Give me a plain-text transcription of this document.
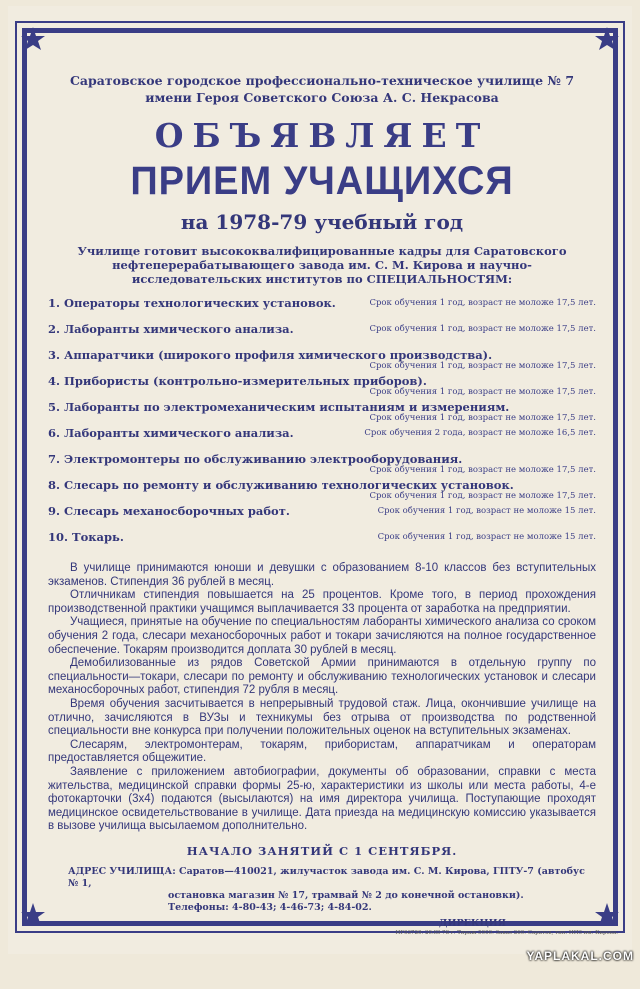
Саратовское городское профессионально-техническое училище № 7
имени Героя Советского Союза А. С. Некрасова
ОБЪЯВЛЯЕТ
ПРИЕМ УЧАЩИХСЯ
на 1978-79 учебный год
Училище готовит высококвалифицированные кадры для Саратовского нефтеперерабатывающего завода им. С. М. Кирова и научно-исследовательских институтов по СПЕЦИАЛЬНОСТЯМ:
1. Операторы технологических установок.	Срок обучения 1 год, возраст не моложе 17,5 лет.
2. Лаборанты химического анализа.	Срок обучения 1 год, возраст не моложе 17,5 лет.
3. Аппаратчики (широкого профиля химического производства).
Срок обучения 1 год, возраст не моложе 17,5 лет.
4. Прибористы (контрольно-измерительных приборов).
Срок обучения 1 год, возраст не моложе 17,5 лет.
5. Лаборанты по электромеханическим испытаниям и измерениям.
Срок обучения 1 год, возраст не моложе 17,5 лет.
6. Лаборанты химического анализа.	Срок обучения 2 года, возраст не моложе 16,5 лет.
7. Электромонтеры по обслуживанию электрооборудования.
Срок обучения 1 год, возраст не моложе 17,5 лет.
8. Слесарь по ремонту и обслуживанию технологических установок.
Срок обучения 1 год, возраст не моложе 17,5 лет.
9. Слесарь механосборочных работ.	Срок обучения 1 год, возраст не моложе 15 лет.
10. Токарь.	Срок обучения 1 год, возраст не моложе 15 лет.

В училище принимаются юноши и девушки с образованием 8-10 классов без вступительных экзаменов. Стипендия 36 рублей в месяц.

Отличникам стипендия повышается на 25 процентов. Кроме того, в период прохождения производственной практики учащимся выплачивается 33 процента от заработка на предприятии.

Учащиеся, принятые на обучение по специальностям лаборанты химического анализа со сроком обучения 2 года, слесари механосборочных работ и токари зачисляются на полное государственное обеспечение. Токарям производится доплата 30 рублей в месяц.

Демобилизованные из рядов Советской Армии принимаются в отдельную группу по специальности—токари, слесари по ремонту и обслуживанию технологических установок и слесари механосборочных работ, стипендия 72 рубля в месяц.

Время обучения засчитывается в непрерывный трудовой стаж. Лица, окончившие училище на отлично, зачисляются в ВУЗы и техникумы без отрыва от производства по родственной специальности вне конкурса при получении положительных оценок на вступительных экзаменах.

Слесарям, электромонтерам, токарям, прибористам, аппаратчикам и операторам предоставляется общежитие.

Заявление с приложением автобиографии, документы об образовании, справки с места жительства, медицинской справки формы 25-ю, характеристики из школы или места работы, 4-е фотокарточки (3х4) подаются (высылаются) на имя директора училища. Поступающие проходят медицинское освидетельствование в училище. Дата приезда на медицинскую комиссию указывается в вызове училища высылаемом дополнительно.

НАЧАЛО ЗАНЯТИЙ С 1 СЕНТЯБРЯ.
АДРЕС УЧИЛИЩА: Саратов—410021, жилучасток завода им. С. М. Кирова, ГПТУ-7 (автобус № 1,
остановка магазин № 17, трамвай № 2 до конечной остановки).
Телефоны: 4-80-43; 4-46-73; 4-84-02.
ДИРЕКЦИЯ
НГ03720. 20.III-78 г. Тираж 5000. Заказ 260. Саратов, тип. НПЗ им. Кирова.
YAPLAKAL.COM
